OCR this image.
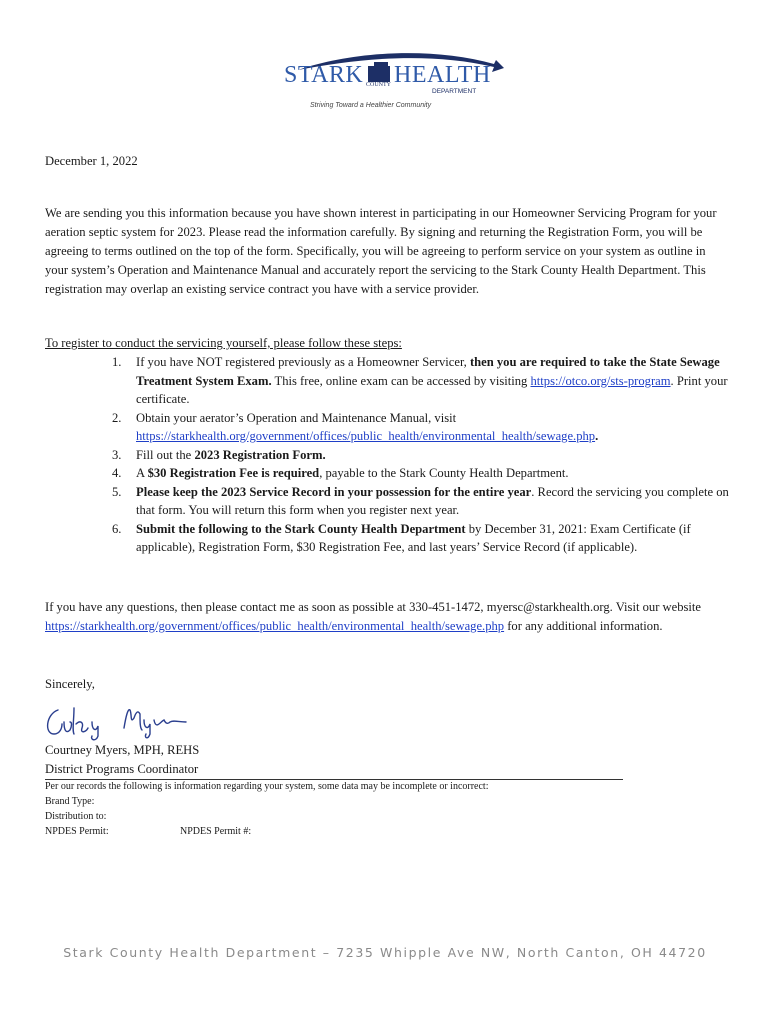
STARK COUNTY HEALTH
DEPARTMENT
Striving Toward a Healthier Community
December 1, 2022
We are sending you this information because you have shown interest in participating in our Homeowner Servicing Program for your aeration septic system for 2023. Please read the information carefully. By signing and returning the Registration Form, you will be agreeing to terms outlined on the top of the form. Specifically, you will be agreeing to perform service on your system as outline in your system’s Operation and Maintenance Manual and accurately report the servicing to the Stark County Health Department. This registration may overlap an existing service contract you have with a service provider.
To register to conduct the servicing yourself, please follow these steps:
1. If you have NOT registered previously as a Homeowner Servicer, then you are required to take the State Sewage Treatment System Exam. This free, online exam can be accessed by visiting https://otco.org/sts-program. Print your certificate.
2. Obtain your aerator’s Operation and Maintenance Manual, visit https://starkhealth.org/government/offices/public_health/environmental_health/sewage.php.
3. Fill out the 2023 Registration Form.
4. A $30 Registration Fee is required, payable to the Stark County Health Department.
5. Please keep the 2023 Service Record in your possession for the entire year. Record the servicing you complete on that form. You will return this form when you register next year.
6. Submit the following to the Stark County Health Department by December 31, 2021: Exam Certificate (if applicable), Registration Form, $30 Registration Fee, and last years’ Service Record (if applicable).
If you have any questions, then please contact me as soon as possible at 330-451-1472, myersc@starkhealth.org. Visit our website https://starkhealth.org/government/offices/public_health/environmental_health/sewage.php for any additional information.
Sincerely,
Courtney Myers, MPH, REHS
District Programs Coordinator
Per our records the following is information regarding your system, some data may be incomplete or incorrect:
Brand Type:
Distribution to:
NPDES Permit:	NPDES Permit #:
Stark County Health Department – 7235 Whipple Ave NW, North Canton, OH 44720
